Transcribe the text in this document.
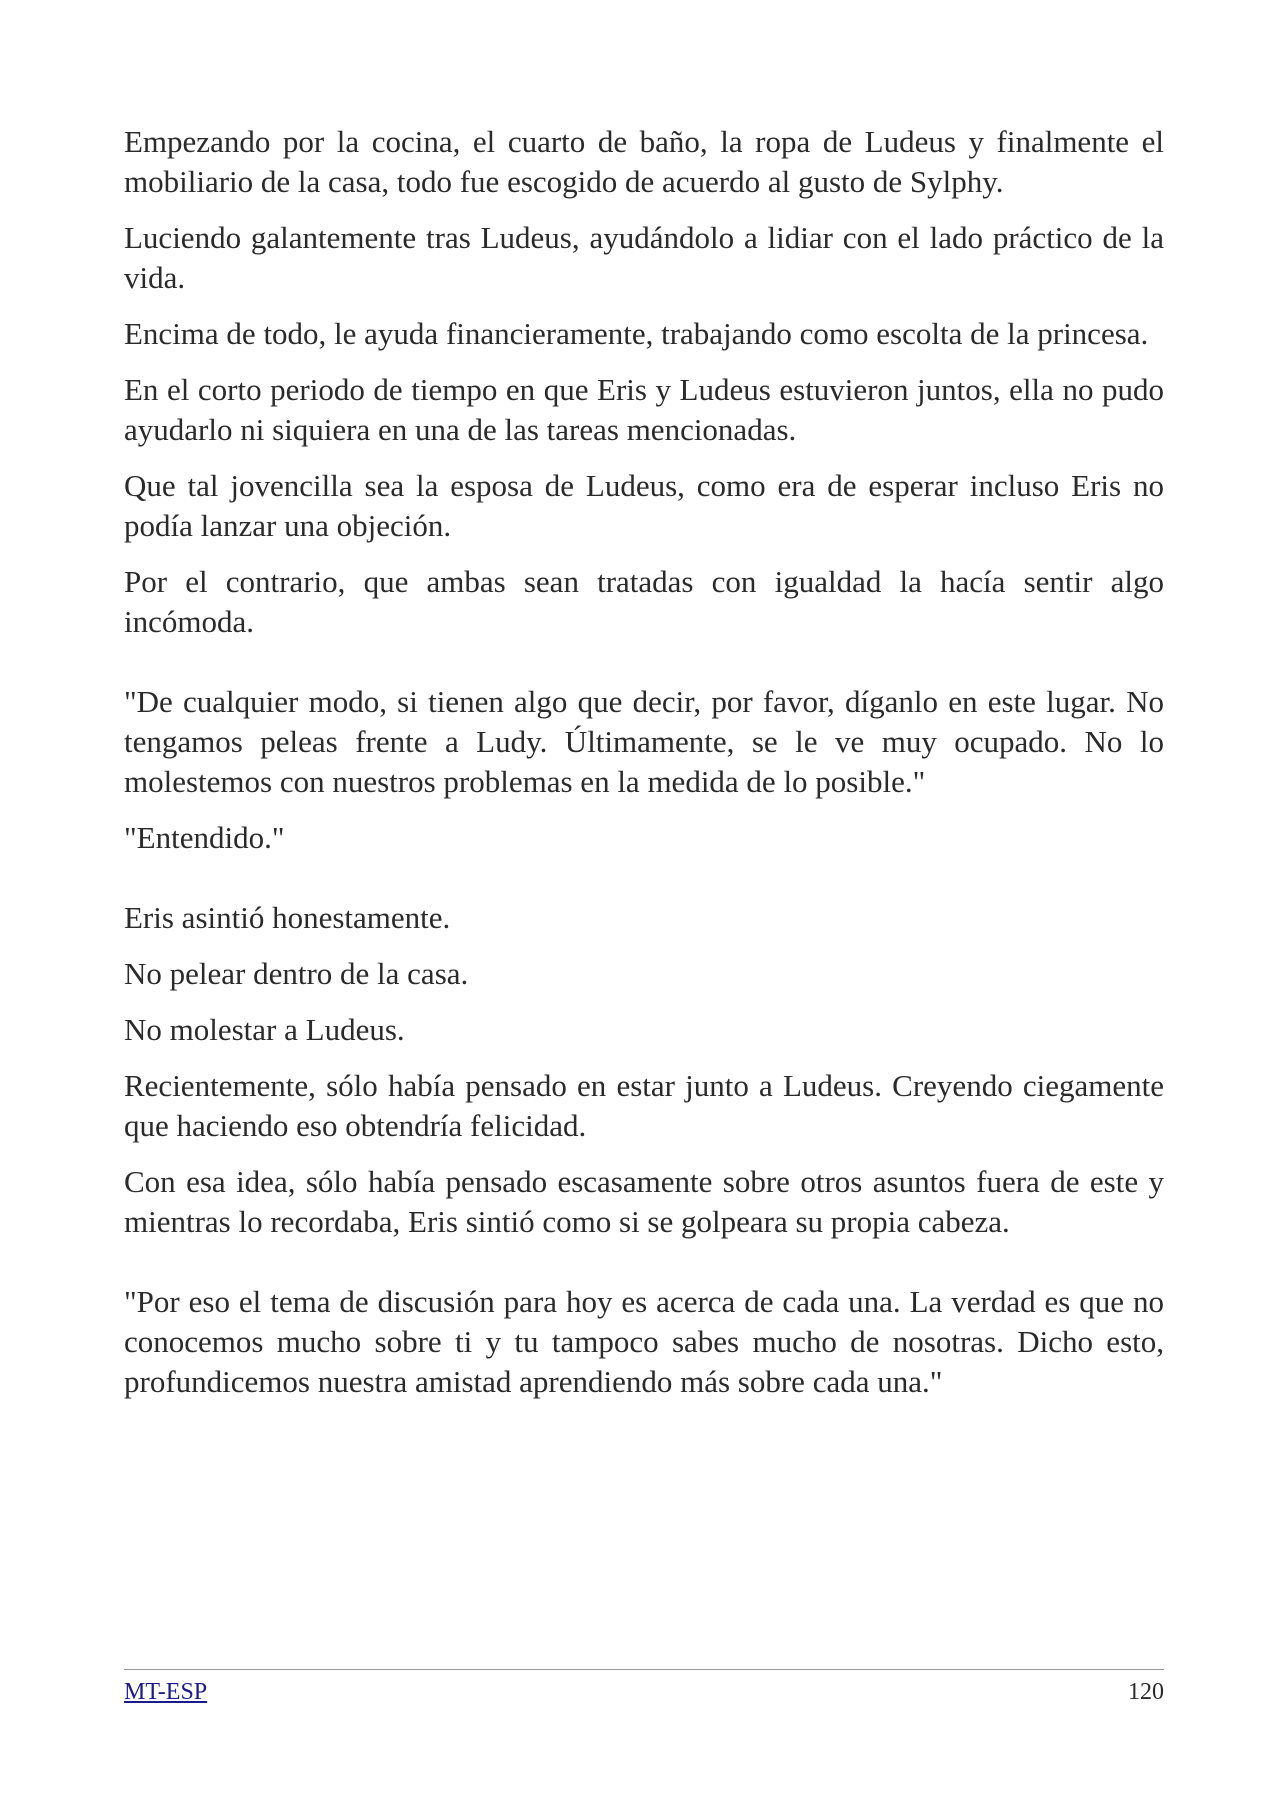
Empezando por la cocina, el cuarto de baño, la ropa de Ludeus y finalmente el mobiliario de la casa, todo fue escogido de acuerdo al gusto de Sylphy.

Luciendo galantemente tras Ludeus, ayudándolo a lidiar con el lado práctico de la vida.

Encima de todo, le ayuda financieramente, trabajando como escolta de la princesa.

En el corto periodo de tiempo en que Eris y Ludeus estuvieron juntos, ella no pudo ayudarlo ni siquiera en una de las tareas mencionadas.

Que tal jovencilla sea la esposa de Ludeus, como era de esperar incluso Eris no podía lanzar una objeción.

Por el contrario, que ambas sean tratadas con igualdad la hacía sentir algo incómoda.

"De cualquier modo, si tienen algo que decir, por favor, díganlo en este lugar. No tengamos peleas frente a Ludy. Últimamente, se le ve muy ocupado. No lo molestemos con nuestros problemas en la medida de lo posible."

"Entendido."

Eris asintió honestamente.

No pelear dentro de la casa.

No molestar a Ludeus.

Recientemente, sólo había pensado en estar junto a Ludeus. Creyendo ciegamente que haciendo eso obtendría felicidad.

Con esa idea, sólo había pensado escasamente sobre otros asuntos fuera de este y mientras lo recordaba, Eris sintió como si se golpeara su propia cabeza.

"Por eso el tema de discusión para hoy es acerca de cada una. La verdad es que no conocemos mucho sobre ti y tu tampoco sabes mucho de nosotras. Dicho esto, profundicemos nuestra amistad aprendiendo más sobre cada una."

MT-ESP	120
